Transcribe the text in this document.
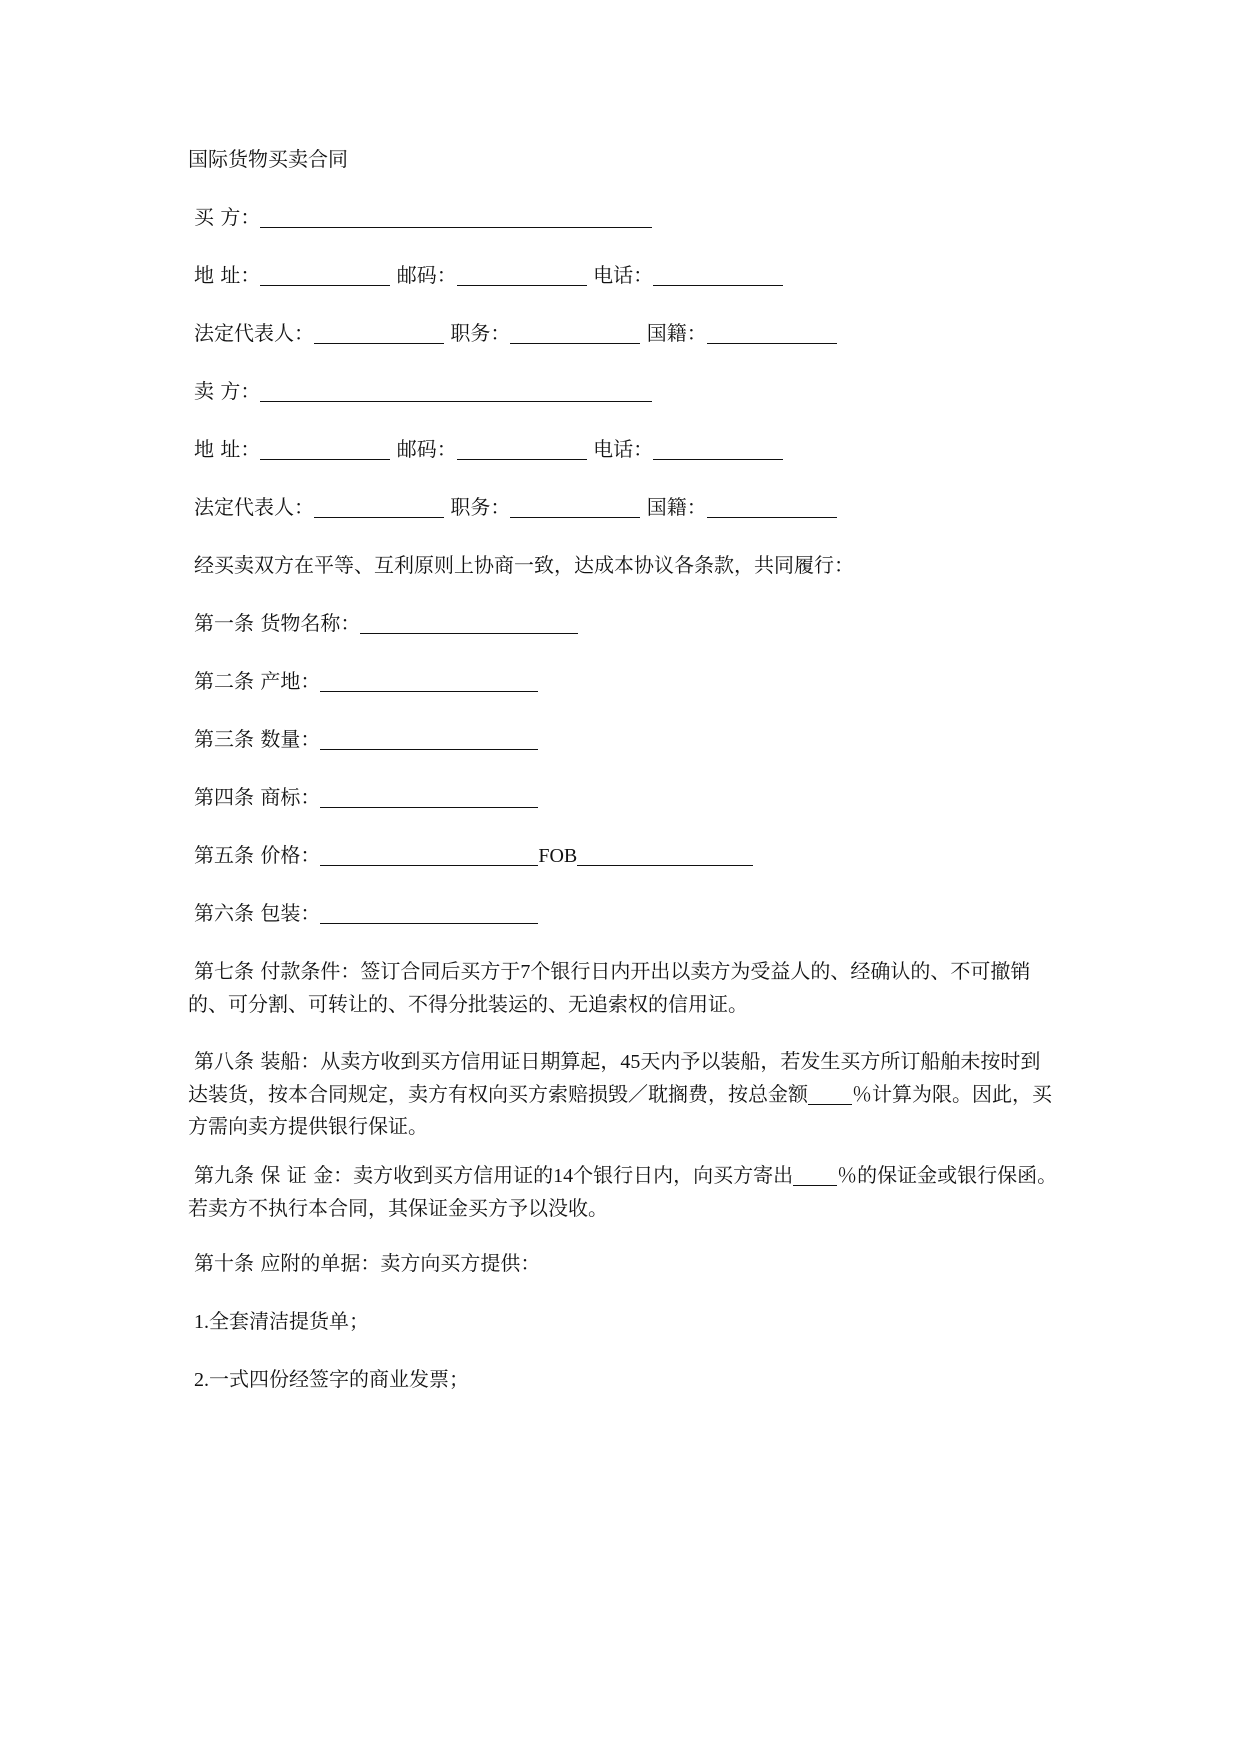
国际货物买卖合同
买 方：
地 址：	邮码：	电话：
法定代表人：	职务：	国籍：
卖 方：
地 址：	邮码：	电话：
法定代表人：	职务：	国籍：
经买卖双方在平等、互利原则上协商一致，达成本协议各条款，共同履行：
第一条 货物名称：
第二条 产地：
第三条 数量：
第四条 商标：
第五条 价格：	FOB
第六条 包装：
第七条 付款条件：签订合同后买方于7个银行日内开出以卖方为受益人的、经确认的、不可撤销的、可分割、可转让的、不得分批装运的、无追索权的信用证。
第八条 装船：从卖方收到买方信用证日期算起，45天内予以装船，若发生买方所订船舶未按时到达装货，按本合同规定，卖方有权向买方索赔损毁／耽搁费，按总金额 ％计算为限。因此，买方需向卖方提供银行保证。
第九条 保 证 金：卖方收到买方信用证的14个银行日内，向买方寄出 ％的保证金或银行保函。若卖方不执行本合同，其保证金买方予以没收。
第十条 应附的单据：卖方向买方提供：
1.全套清洁提货单；
2.一式四份经签字的商业发票；
